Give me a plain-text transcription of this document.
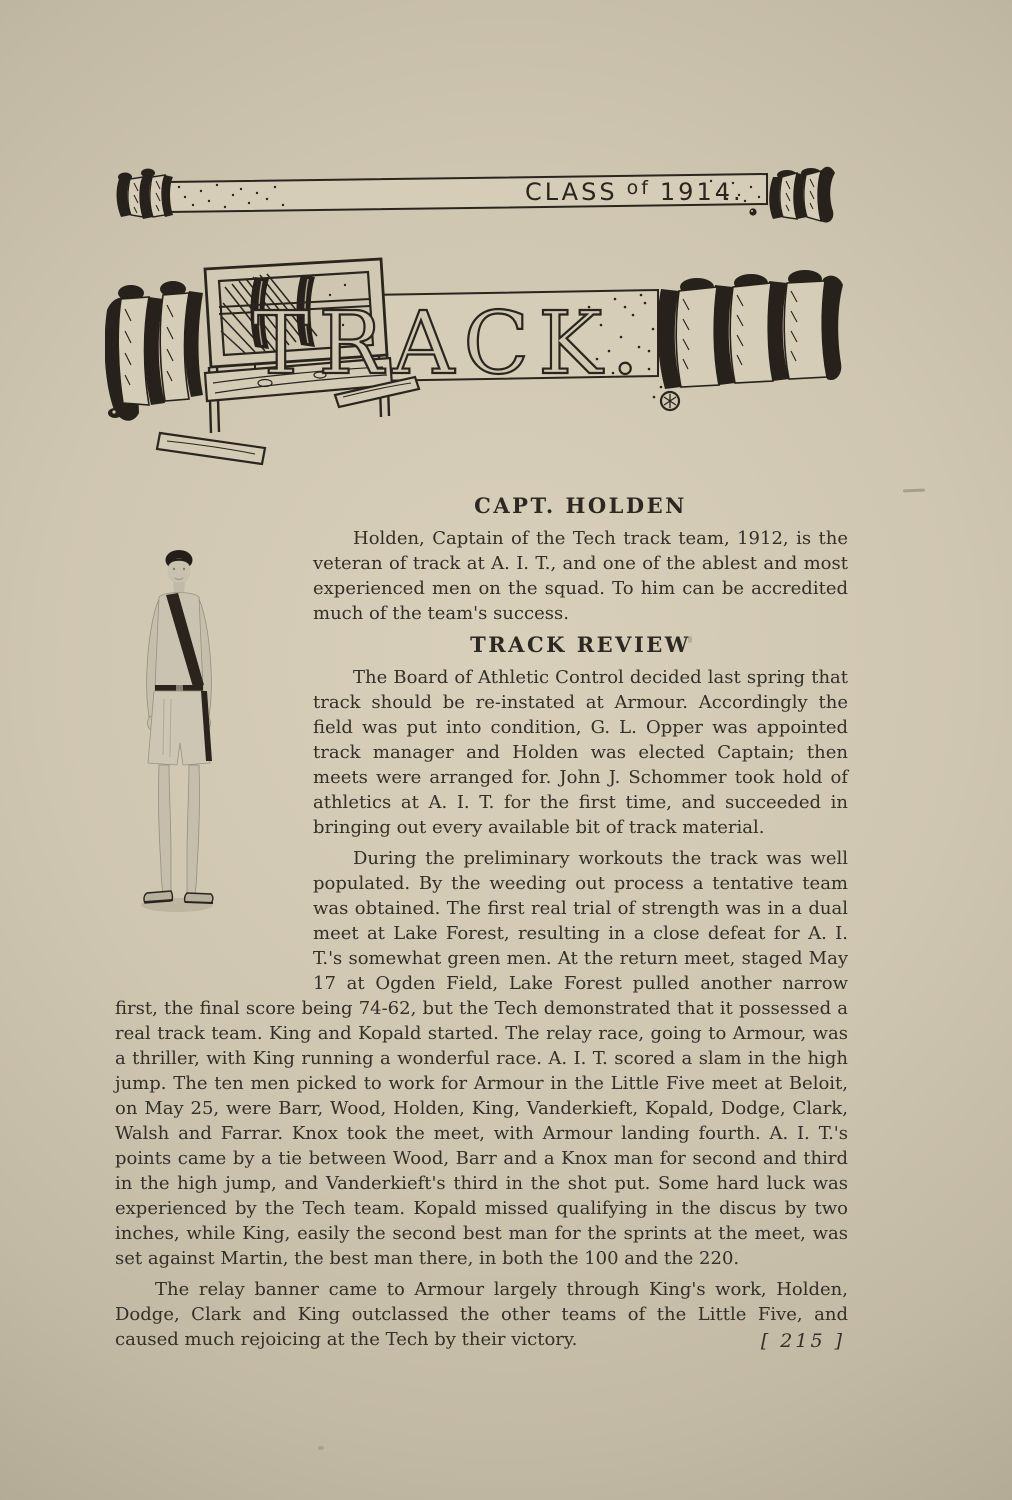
CLASS $^{of}$ 1914.
TRACK.
CAPT. HOLDEN

Holden, Captain of the Tech track team, 1912, is the veteran of track at A. I. T., and one of the ablest and most experienced men on the squad. To him can be accredited much of the team's success.

TRACK REVIEW

The Board of Athletic Control decided last spring that track should be re-instated at Armour. Accordingly the field was put into condition, G. L. Opper was appointed track manager and Holden was elected Captain; then meets were arranged for. John J. Schommer took hold of athletics at A. I. T. for the first time, and succeeded in bringing out every available bit of track material.

During the preliminary workouts the track was well populated. By the weeding out process a tentative team was obtained. The first real trial of strength was in a dual meet at Lake Forest, resulting in a close defeat for A. I. T.'s somewhat green men. At the return meet, staged May 17 at Ogden Field, Lake Forest pulled another narrow first, the final score being 74-62, but the Tech demonstrated that it possessed a real track team. King and Kopald started. The relay race, going to Armour, was a thriller, with King running a wonderful race. A. I. T. scored a slam in the high jump. The ten men picked to work for Armour in the Little Five meet at Beloit, on May 25, were Barr, Wood, Holden, King, Vanderkieft, Kopald, Dodge, Clark, Walsh and Farrar. Knox took the meet, with Armour landing fourth. A. I. T.'s points came by a tie between Wood, Barr and a Knox man for second and third in the high jump, and Vanderkieft's third in the shot put. Some hard luck was experienced by the Tech team. Kopald missed qualifying in the discus by two inches, while King, easily the second best man for the sprints at the meet, was set against Martin, the best man there, in both the 100 and the 220.

The relay banner came to Armour largely through King's work, Holden, Dodge, Clark and King outclassed the other teams of the Little Five, and caused much rejoicing at the Tech by their victory.	[ 215 ]
